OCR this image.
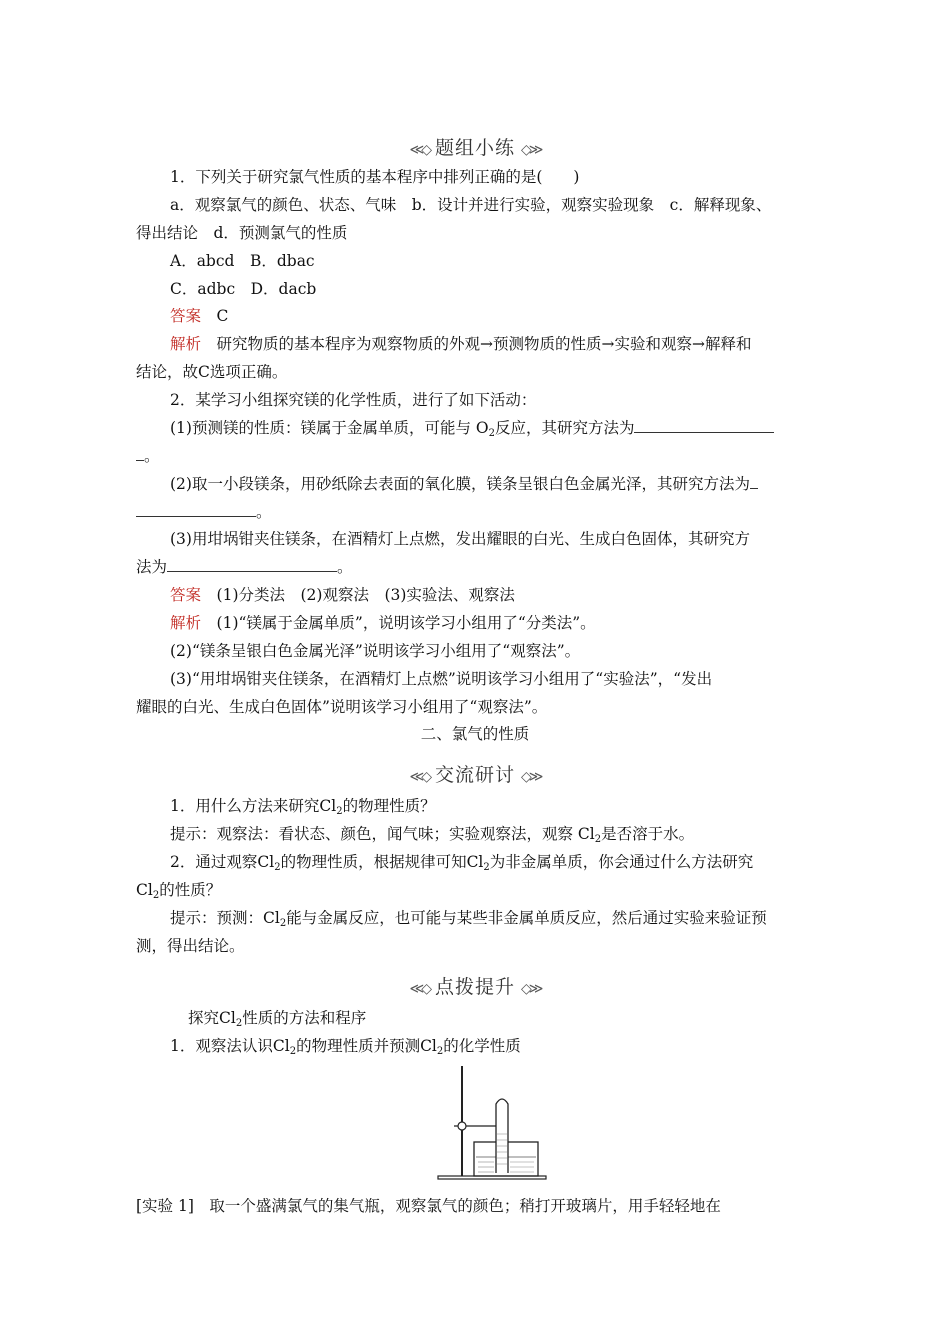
≪◇ 题组小练 ◇≫
1．下列关于研究氯气性质的基本程序中排列正确的是(　　)
a．观察氯气的颜色、状态、气味　b．设计并进行实验，观察实验现象　c．解释现象、
得出结论　d．预测氯气的性质
A．abcd　B．dbac
C．adbc　D．dacb
答案　 C
解析　 研究物质的基本程序为观察物质的外观→预测物质的性质→实验和观察→解释和
结论，故C选项正确。
2．某学习小组探究镁的化学性质，进行了如下活动：
(1)预测镁的性质：镁属于金属单质，可能与 $O_2$反应，其研究方法为
。
(2)取一小段镁条，用砂纸除去表面的氧化膜，镁条呈银白色金属光泽，其研究方法为
。
(3)用坩埚钳夹住镁条，在酒精灯上点燃，发出耀眼的白光、生成白色固体，其研究方
法为	。
答案　 (1)分类法　(2)观察法　(3)实验法、观察法
解析　 (1)“镁属于金属单质”，说明该学习小组用了“分类法”。
(2)“镁条呈银白色金属光泽”说明该学习小组用了“观察法”。
(3)“用坩埚钳夹住镁条，在酒精灯上点燃”说明该学习小组用了“实验法”，“发出
耀眼的白光、生成白色固体”说明该学习小组用了“观察法”。
二、氯气的性质
≪◇ 交流研讨 ◇≫
1．用什么方法来研究$Cl_2$的物理性质？
提示：观察法：看状态、颜色，闻气味；实验观察法，观察 $Cl_2$是否溶于水。
2．通过观察$Cl_2$的物理性质，根据规律可知$Cl_2$为非金属单质，你会通过什么方法研究
$Cl_2$的性质？
提示：预测：$Cl_2$能与金属反应，也可能与某些非金属单质反应，然后通过实验来验证预
测，得出结论。
≪◇ 点拨提升 ◇≫
探究$Cl_2$性质的方法和程序
1．观察法认识$Cl_2$的物理性质并预测$Cl_2$的化学性质
[实验 1]　 取一个盛满氯气的集气瓶，观察氯气的颜色；稍打开玻璃片，用手轻轻地在
